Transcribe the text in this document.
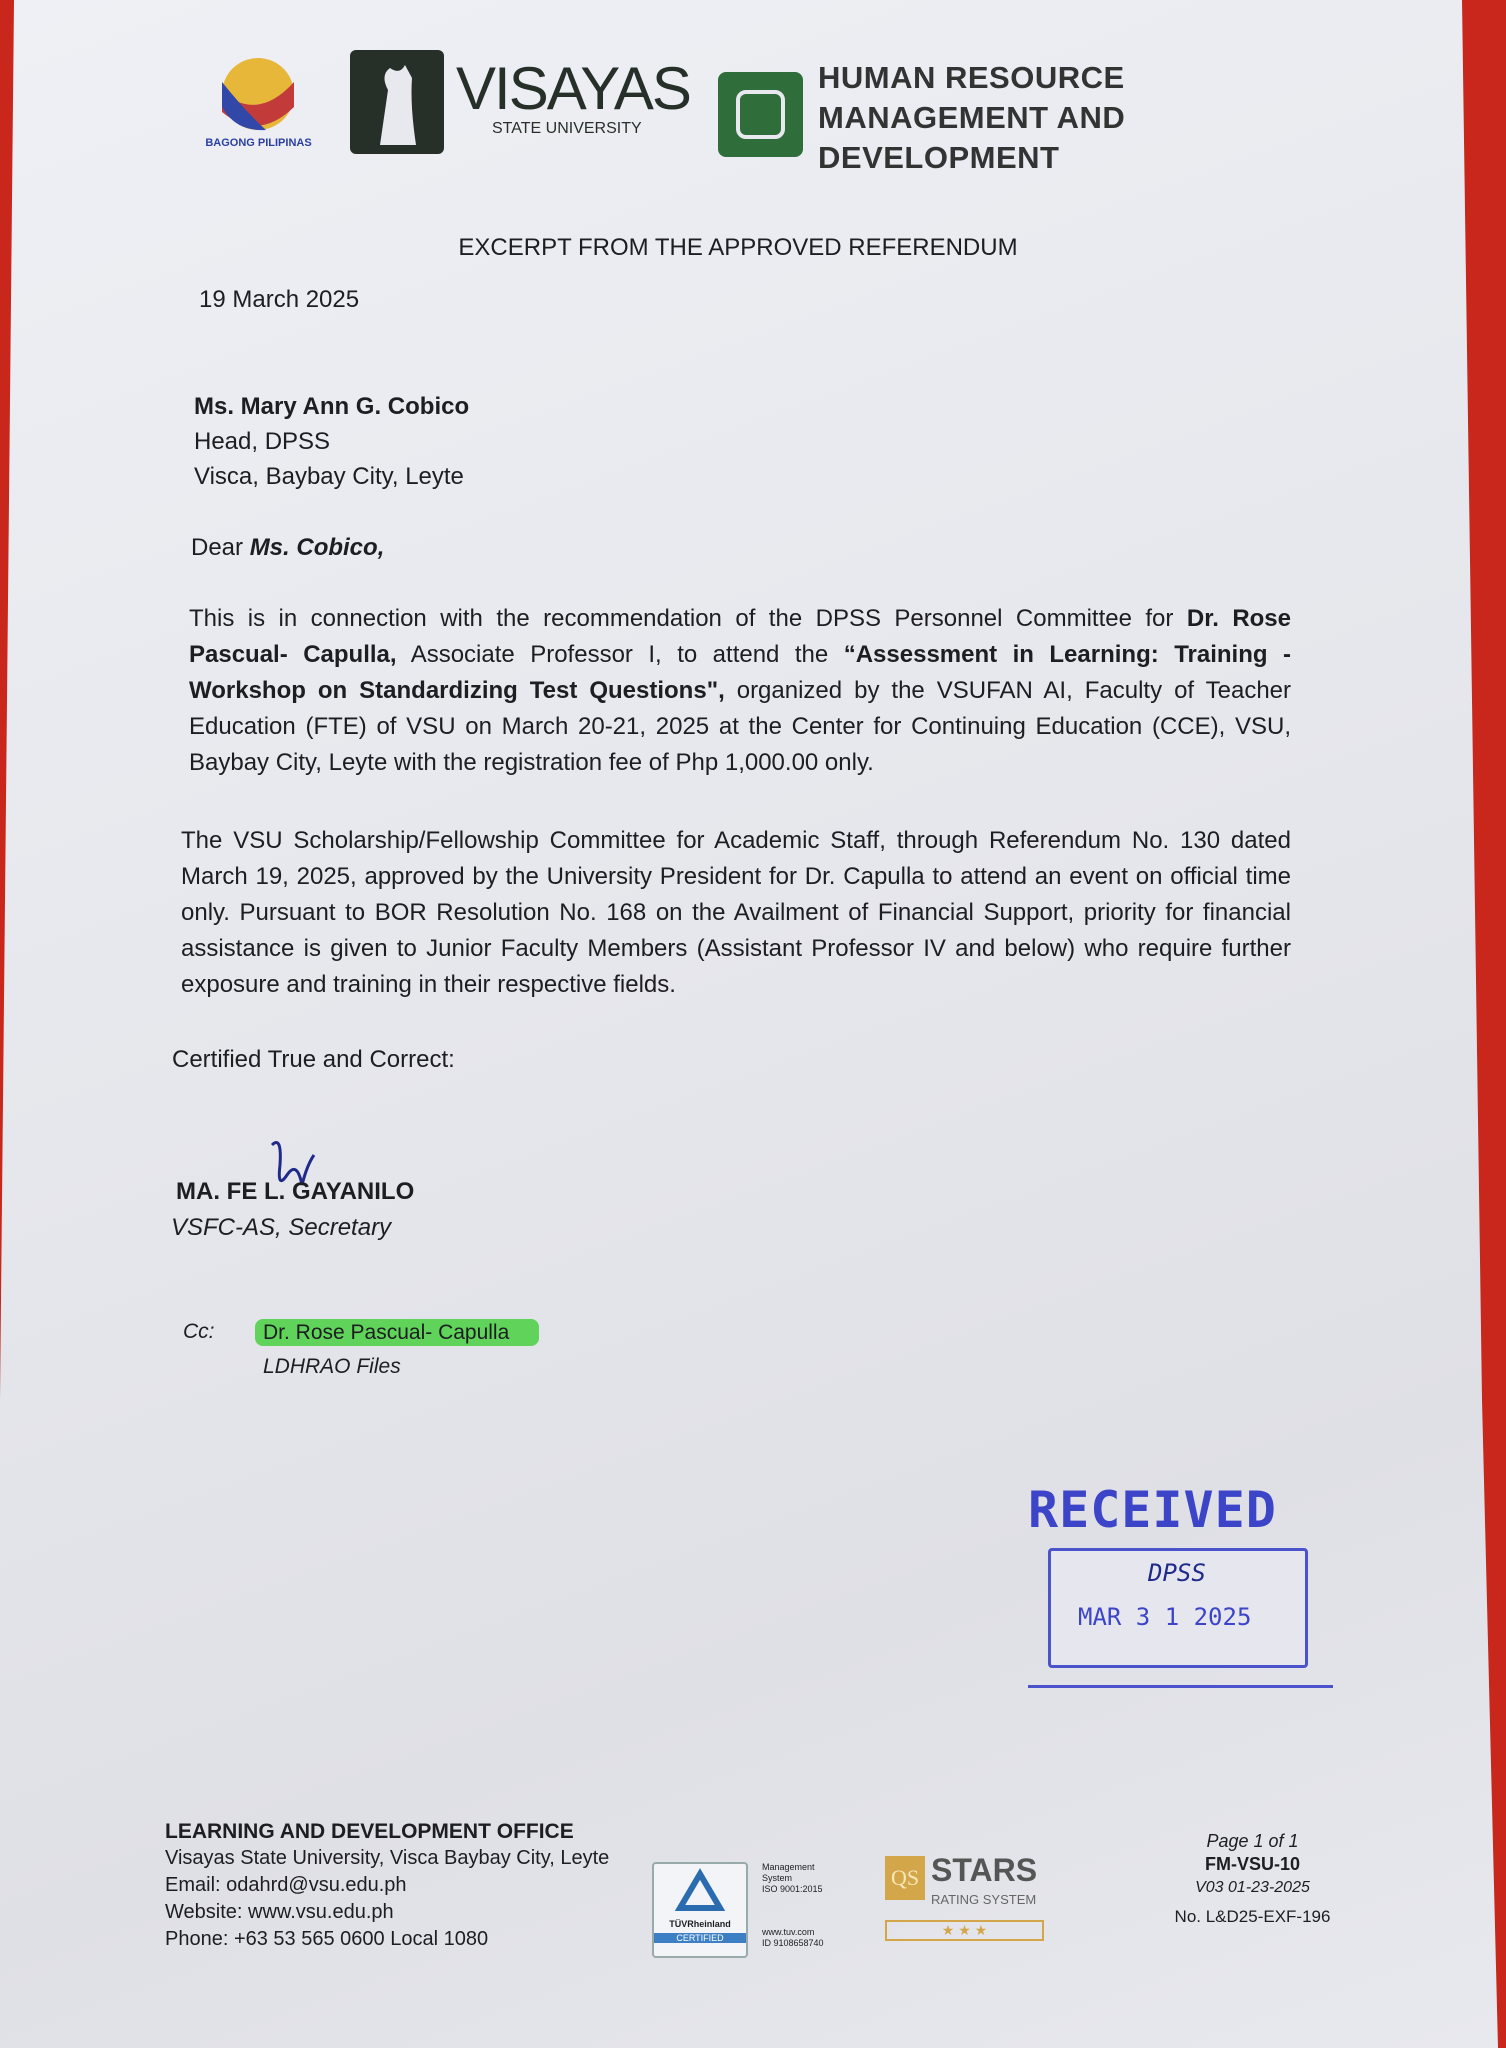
BAGONG PILIPINAS
VISAYAS
STATE UNIVERSITY
HUMAN RESOURCE
MANAGEMENT AND
DEVELOPMENT
EXCERPT FROM THE APPROVED REFERENDUM
19 March 2025
Ms. Mary Ann G. Cobico
Head, DPSS
Visca, Baybay City, Leyte
Dear Ms. Cobico,
This is in connection with the recommendation of the DPSS Personnel Committee for Dr. Rose Pascual- Capulla, Associate Professor I, to attend the “Assessment in Learning: Training - Workshop on Standardizing Test Questions", organized by the VSUFAN AI, Faculty of Teacher Education (FTE) of VSU on March 20-21, 2025 at the Center for Continuing Education (CCE), VSU, Baybay City, Leyte with the registration fee of Php 1,000.00 only.
The VSU Scholarship/Fellowship Committee for Academic Staff, through Referendum No. 130 dated March 19, 2025, approved by the University President for Dr. Capulla to attend an event on official time only. Pursuant to BOR Resolution No. 168 on the Availment of Financial Support, priority for financial assistance is given to Junior Faculty Members (Assistant Professor IV and below) who require further exposure and training in their respective fields.
Certified True and Correct:
MA. FE L. GAYANILO
VSFC-AS, Secretary
Cc:	Dr. Rose Pascual- Capulla
LDHRAO Files
RECEIVED
DPSS
MAR 3 1 2025
LEARNING AND DEVELOPMENT OFFICE
Visayas State University, Visca Baybay City, Leyte
Email: odahrd@vsu.edu.ph
Website: www.vsu.edu.ph
Phone: +63 53 565 0600 Local 1080
TÜVRheinland
CERTIFIED
Management
System
ISO 9001:2015
www.tuv.com
ID 9108658740
QS STARS
RATING SYSTEM
★ ★ ★
Page 1 of 1
FM-VSU-10
V03 01-23-2025
No. L&D25-EXF-196
